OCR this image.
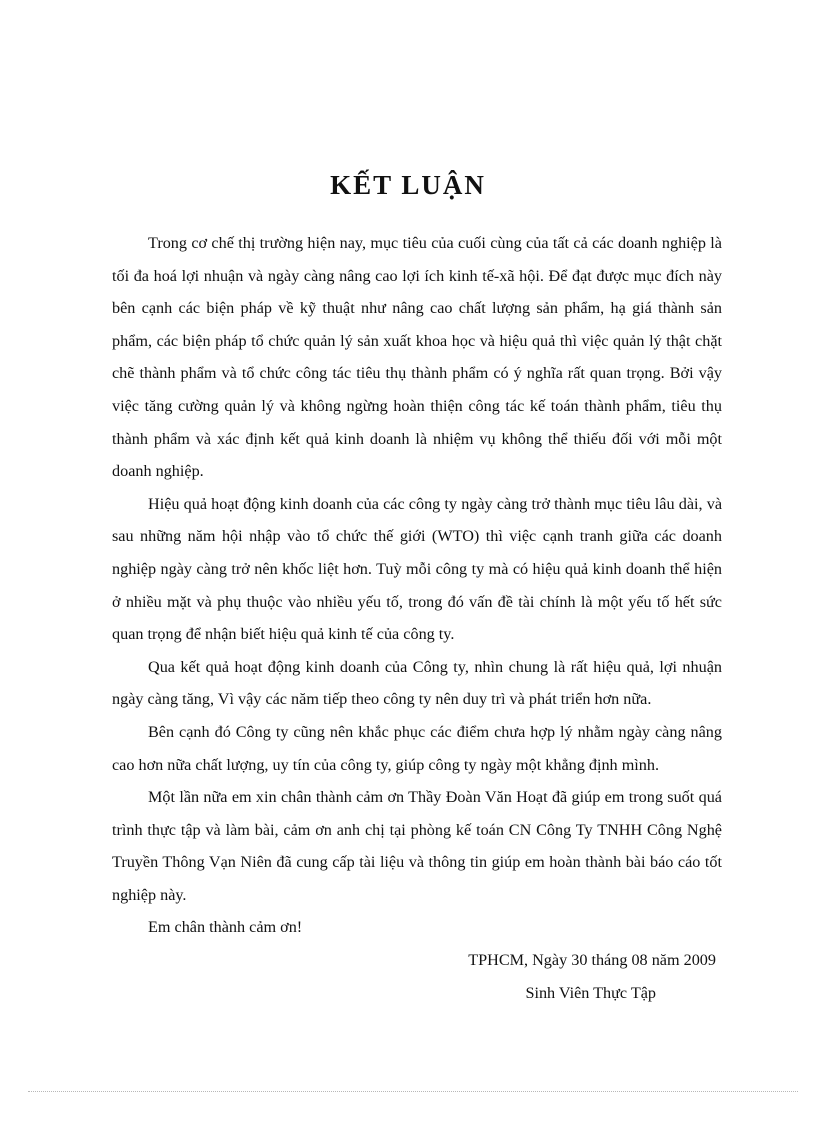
KẾT LUẬN

Trong cơ chế thị trường hiện nay, mục tiêu của cuối cùng của tất cả các doanh nghiệp là tối đa hoá lợi nhuận và ngày càng nâng cao lợi ích kinh tế-xã hội. Để đạt được mục đích này bên cạnh các biện pháp về kỹ thuật như nâng cao chất lượng sản phẩm, hạ giá thành sản phẩm, các biện pháp tổ chức quản lý sản xuất khoa học và hiệu quả thì việc quản lý thật chặt chẽ thành phẩm và tổ chức công tác tiêu thụ thành phẩm có ý nghĩa rất quan trọng. Bởi vậy việc tăng cường quản lý và không ngừng hoàn thiện công tác kế toán thành phẩm, tiêu thụ thành phẩm và xác định kết quả kinh doanh là nhiệm vụ không thể thiếu đối với mỗi một doanh nghiệp.

Hiệu quả hoạt động kinh doanh của các công ty ngày càng trở thành mục tiêu lâu dài, và sau những năm hội nhập vào tổ chức thế giới (WTO) thì việc cạnh tranh giữa các doanh nghiệp ngày càng trở nên khốc liệt hơn. Tuỳ mỗi công ty mà có hiệu quả kinh doanh thể hiện ở nhiều mặt và phụ thuộc vào nhiều yếu tố, trong đó vấn đề tài chính là một yếu tố hết sức quan trọng để nhận biết hiệu quả kinh tế của công ty.

Qua kết quả hoạt động kinh doanh của Công ty, nhìn chung là rất hiệu quả, lợi nhuận ngày càng tăng, Vì vậy các năm tiếp theo công ty nên duy trì và phát triển hơn nữa.

Bên cạnh đó Công ty cũng nên khắc phục các điểm chưa hợp lý nhằm ngày càng nâng cao hơn nữa chất lượng, uy tín của công ty, giúp công ty ngày một khẳng định mình.

Một lần nữa em xin chân thành cảm ơn Thầy Đoàn Văn Hoạt đã giúp em trong suốt quá trình thực tập và làm bài, cảm ơn anh chị tại phòng kế toán CN Công Ty TNHH Công Nghệ Truyền Thông Vạn Niên đã cung cấp tài liệu và thông tin giúp em hoàn thành bài báo cáo tốt nghiệp này.

Em chân thành cảm ơn!

TPHCM, Ngày 30 tháng 08 năm 2009

Sinh Viên Thực Tập
